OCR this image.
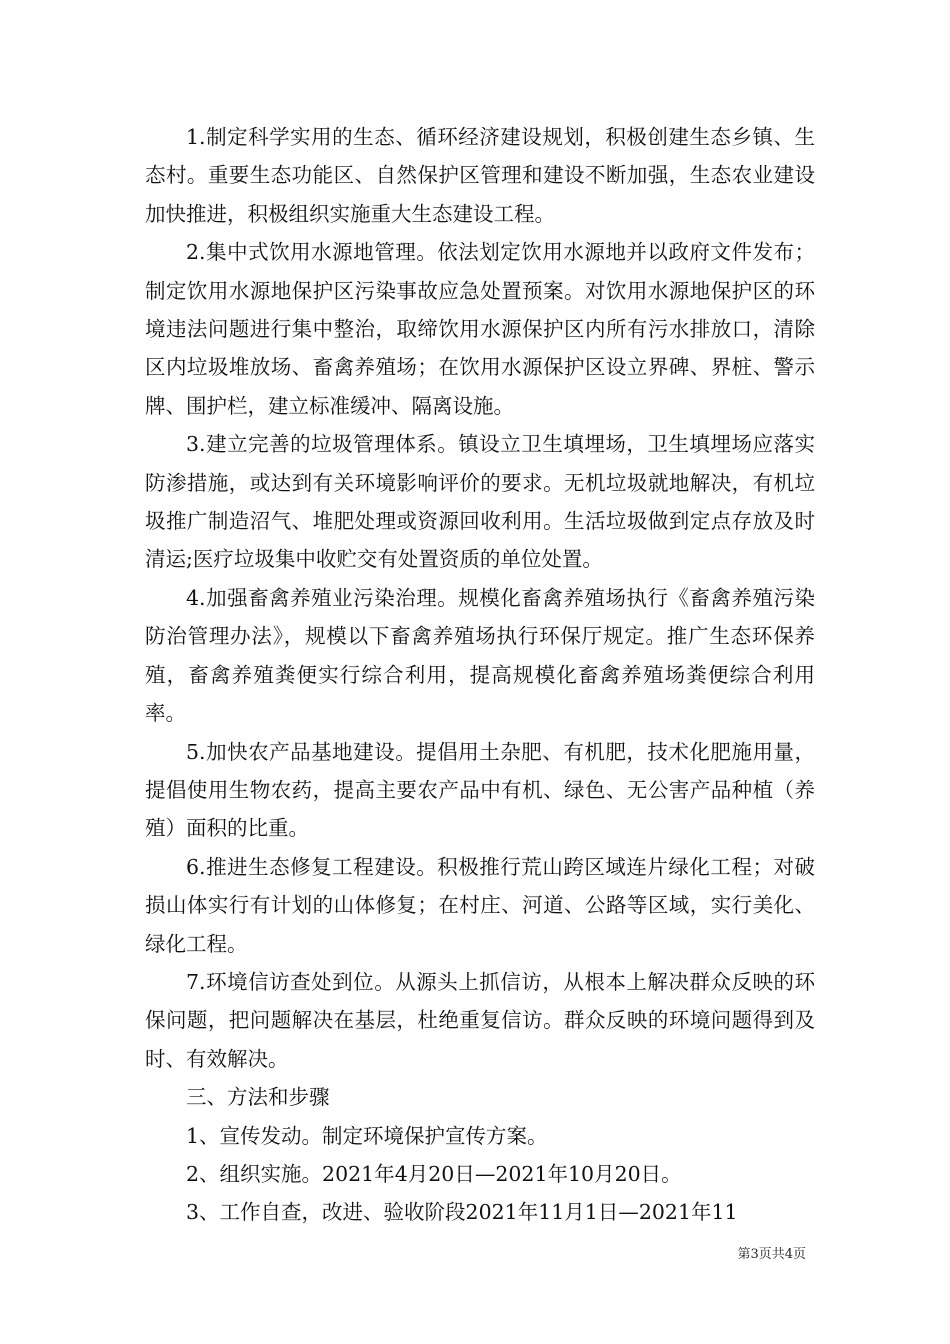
1.制定科学实用的生态、循环经济建设规划，积极创建生态乡镇、生态村。重要生态功能区、自然保护区管理和建设不断加强，生态农业建设加快推进，积极组织实施重大生态建设工程。

2.集中式饮用水源地管理。依法划定饮用水源地并以政府文件发布；制定饮用水源地保护区污染事故应急处置预案。对饮用水源地保护区的环境违法问题进行集中整治，取缔饮用水源保护区内所有污水排放口，清除区内垃圾堆放场、畜禽养殖场；在饮用水源保护区设立界碑、界桩、警示牌、围护栏，建立标准缓冲、隔离设施。

3.建立完善的垃圾管理体系。镇设立卫生填埋场，卫生填埋场应落实防渗措施，或达到有关环境影响评价的要求。无机垃圾就地解决，有机垃圾推广制造沼气、堆肥处理或资源回收利用。生活垃圾做到定点存放及时清运;医疗垃圾集中收贮交有处置资质的单位处置。

4.加强畜禽养殖业污染治理。规模化畜禽养殖场执行《畜禽养殖污染防治管理办法》，规模以下畜禽养殖场执行环保厅规定。推广生态环保养殖，畜禽养殖粪便实行综合利用，提高规模化畜禽养殖场粪便综合利用率。

5.加快农产品基地建设。提倡用土杂肥、有机肥，技术化肥施用量，提倡使用生物农药，提高主要农产品中有机、绿色、无公害产品种植（养殖）面积的比重。

6.推进生态修复工程建设。积极推行荒山跨区域连片绿化工程；对破损山体实行有计划的山体修复；在村庄、河道、公路等区域，实行美化、绿化工程。

7.环境信访查处到位。从源头上抓信访，从根本上解决群众反映的环保问题，把问题解决在基层，杜绝重复信访。群众反映的环境问题得到及时、有效解决。

三、方法和步骤

1、宣传发动。制定环境保护宣传方案。

2、组织实施。2021年4月20日—2021年10月20日。

3、工作自查，改进、验收阶段2021年11月1日—2021年11

第3页共4页
